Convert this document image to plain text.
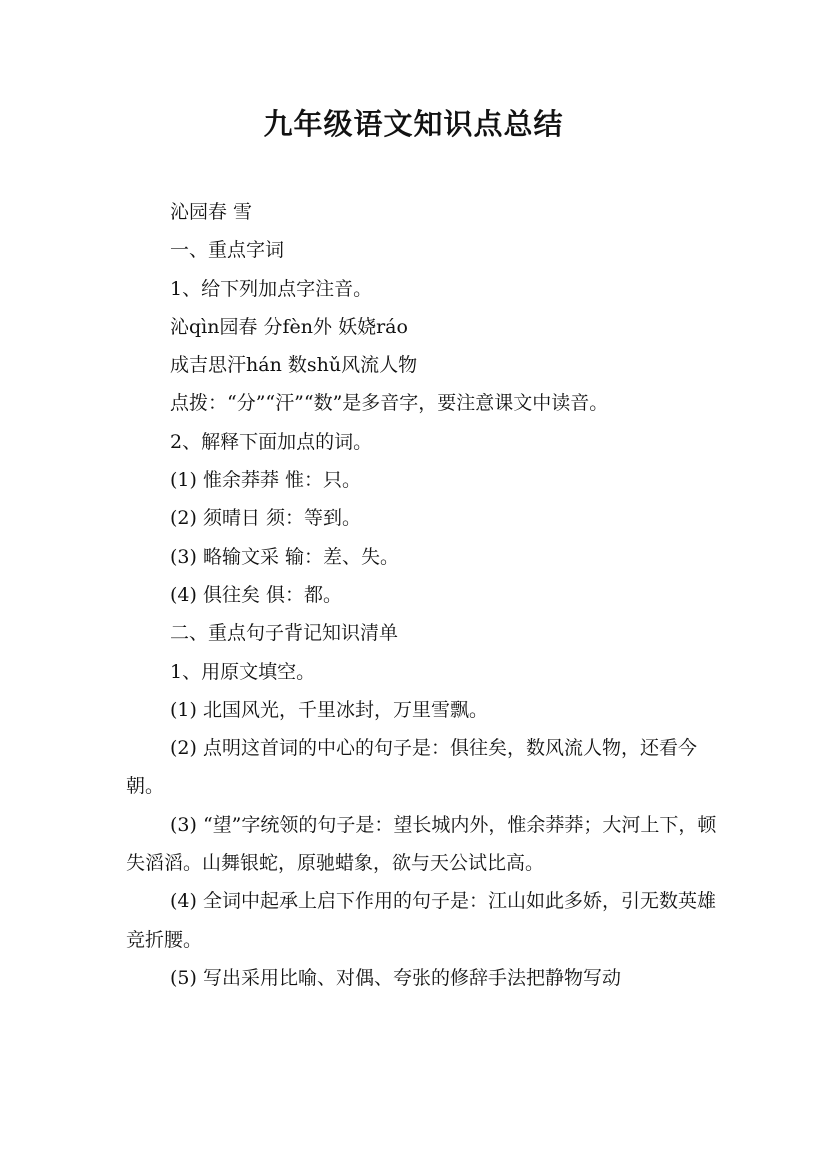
九年级语文知识点总结

沁园春 雪

一、重点字词

1、给下列加点字注音。

沁qìn园春 分fèn外 妖娆ráo

成吉思汗hán 数shǔ风流人物

点拨：“分”“汗”“数”是多音字，要注意课文中读音。

2、解释下面加点的词。

(1) 惟余莽莽 惟：只。

(2) 须晴日 须：等到。

(3) 略输文采 输：差、失。

(4) 俱往矣 俱：都。

二、重点句子背记知识清单

1、用原文填空。

(1) 北国风光，千里冰封，万里雪飘。

(2) 点明这首词的中心的句子是：俱往矣，数风流人物，还看今朝。

(3) “望”字统领的句子是：望长城内外，惟余莽莽；大河上下，顿失滔滔。山舞银蛇，原驰蜡象，欲与天公试比高。

(4) 全词中起承上启下作用的句子是：江山如此多娇，引无数英雄竞折腰。

(5) 写出采用比喻、对偶、夸张的修辞手法把静物写动
